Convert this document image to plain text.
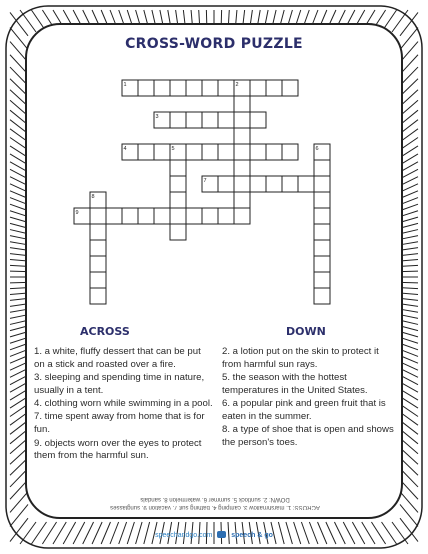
CROSS-WORD PUZZLE
1	2
3
4	5	6
7
8
9
ACROSS	DOWN

1. a white, fluffy dessert that can be put on a stick and roasted over a fire.

3. sleeping and spending time in nature, usually in a tent.

4. clothing worn while swimming in a pool.

7. time spent away from home that is for fun.

9. objects worn over the eyes to protect them from the harmful sun.

2. a lotion put on the skin to protect it from harmful sun rays.

5. the season with the hottest temperatures in the United States.

6. a popular pink and green fruit that is eaten in the summer.

8. a type of shoe that is open and shows the person's toes.

ACROSS: 1. marshmallow 3. camping 4. bathing suit 7. vacation 9. sunglasses
DOWN: 2. suntlock 5. summer 6. watermelon 8. sandals
speechandgo.com	speech & go
